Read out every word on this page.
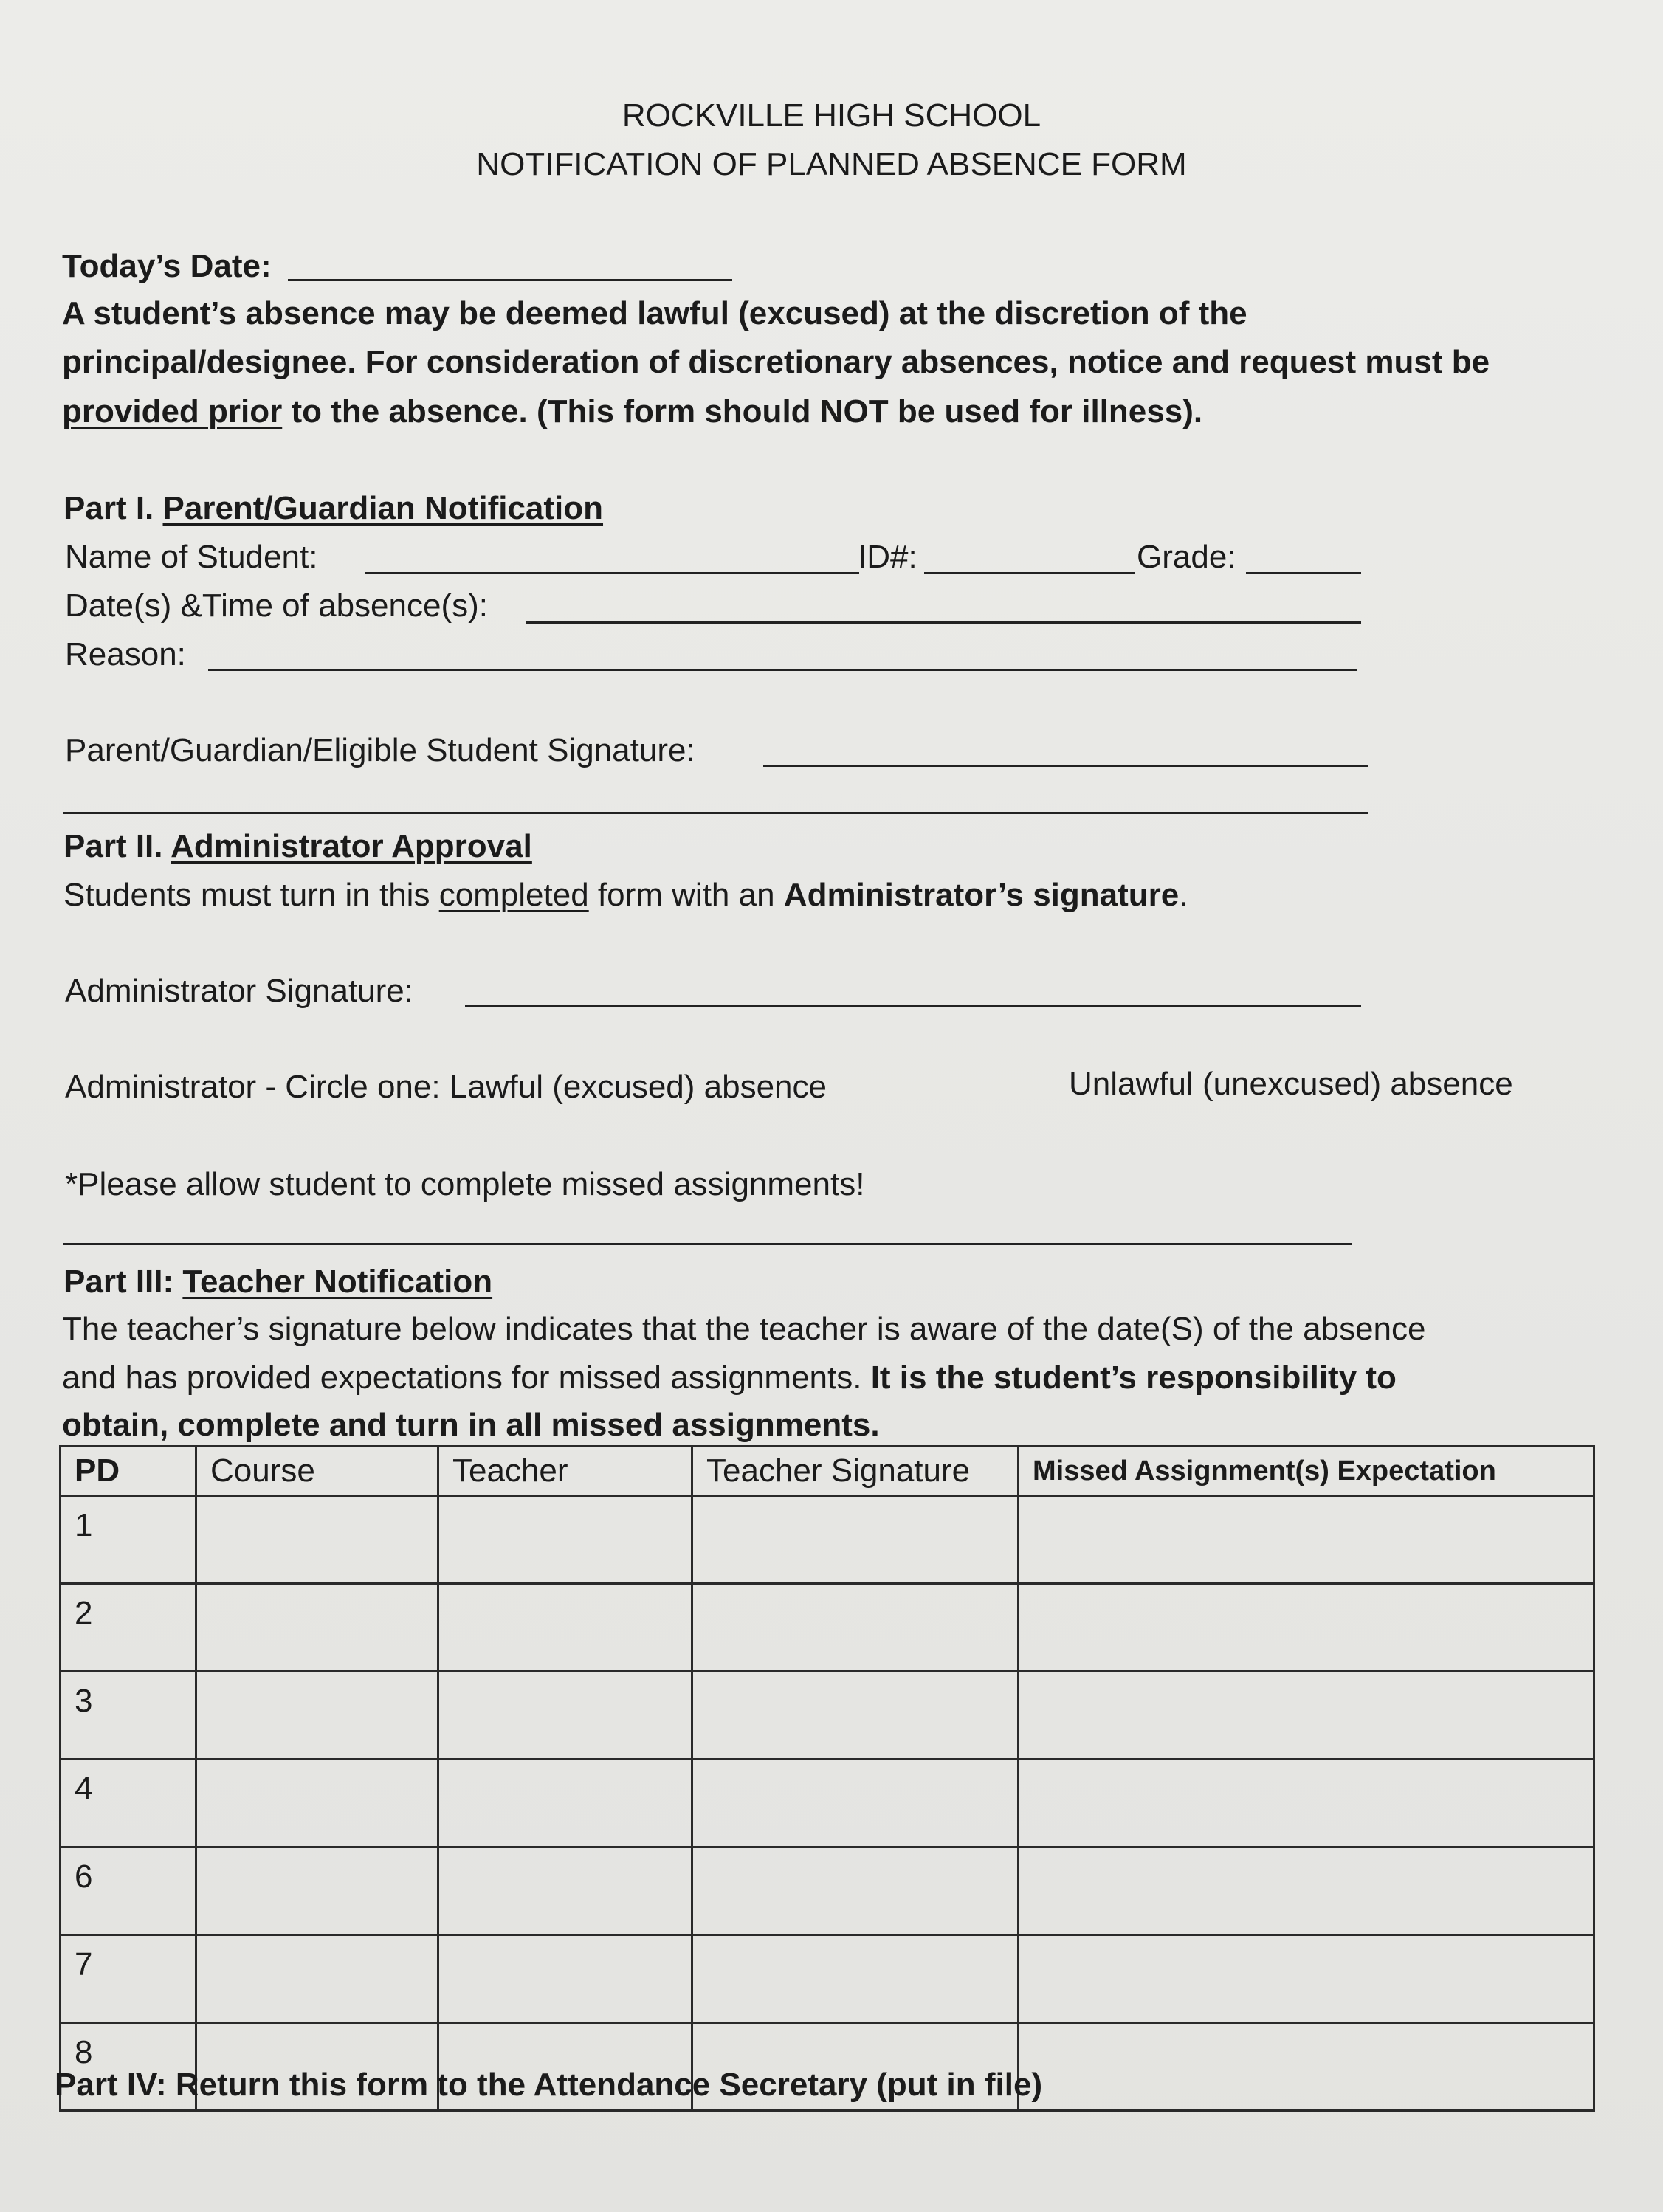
ROCKVILLE HIGH SCHOOL
NOTIFICATION OF PLANNED ABSENCE FORM
Today’s Date:
A student’s absence may be deemed lawful (excused) at the discretion of the
principal/designee. For consideration of discretionary absences, notice and request must be
provided prior to the absence. (This form should NOT be used for illness).
Part I. Parent/Guardian Notification
Name of Student:	ID#:	Grade:
Date(s) &Time of absence(s):
Reason:
Parent/Guardian/Eligible Student Signature:
Part II. Administrator Approval
Students must turn in this completed form with an Administrator’s signature.
Administrator Signature:
Administrator - Circle one: Lawful (excused) absence	Unlawful (unexcused) absence
*Please allow student to complete missed assignments!
Part III: Teacher Notification
The teacher’s signature below indicates that the teacher is aware of the date(S) of the absence
and has provided expectations for missed assignments. It is the student’s responsibility to
obtain, complete and turn in all missed assignments.
PD	Course	Teacher	Teacher Signature	Missed Assignment(s) Expectation
1				
2				
3				
4				
6				
7				
8				
Part IV: Return this form to the Attendance Secretary (put in file)
